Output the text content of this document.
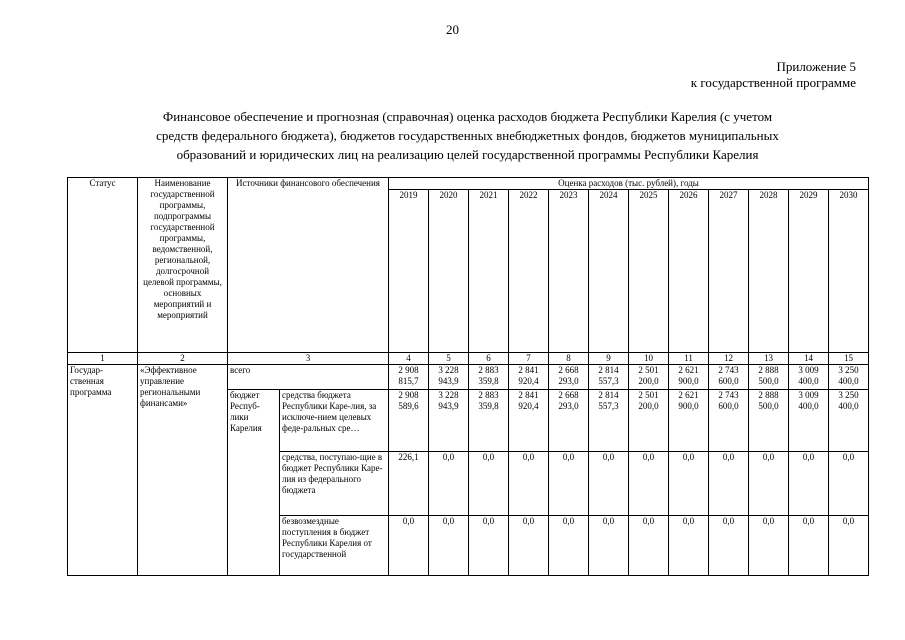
20
Приложение 5
к государственной программе
Финансовое обеспечение и прогнозная (справочная) оценка расходов бюджета Республики Карелия (с учетом
средств федерального бюджета), бюджетов государственных внебюджетных фондов, бюджетов муниципальных
образований и юридических лиц на реализацию целей государственной программы Республики Карелия
Статус	Наименование государственной программы, подпрограммы государственной программы, ведомственной, региональной, долгосрочной целевой программы, основных мероприятий и мероприятий	Источники финансового обеспечения		Оценка расходов (тыс. рублей), годы											
				2019	2020	2021	2022	2023	2024	2025	2026	2027	2028	2029	2030
1	2	3		4	5	6	7	8	9	10	11	12	13	14	15
Государ-ственная программа	«Эффективное управление региональными финансами»	всего		2 908 815,7	3 228 943,9	2 883 359,8	2 841 920,4	2 668 293,0	2 814 557,3	2 501 200,0	2 621 900,0	2 743 600,0	2 888 500,0	3 009 400,0	3 250 400,0
		бюджет Респуб-лики Карелия	средства бюджета Республики Каре-лия, за исключе-нием целевых феде-ральных сре…	2 908 589,6	3 228 943,9	2 883 359,8	2 841 920,4	2 668 293,0	2 814 557,3	2 501 200,0	2 621 900,0	2 743 600,0	2 888 500,0	3 009 400,0	3 250 400,0
			средства, поступаю-щие в бюджет Республики Каре-лия из федерального бюджета	226,1	0,0	0,0	0,0	0,0	0,0	0,0	0,0	0,0	0,0	0,0	0,0
			безвозмездные поступления в бюджет Республики Карелия от государственной	0,0	0,0	0,0	0,0	0,0	0,0	0,0	0,0	0,0	0,0	0,0	0,0
